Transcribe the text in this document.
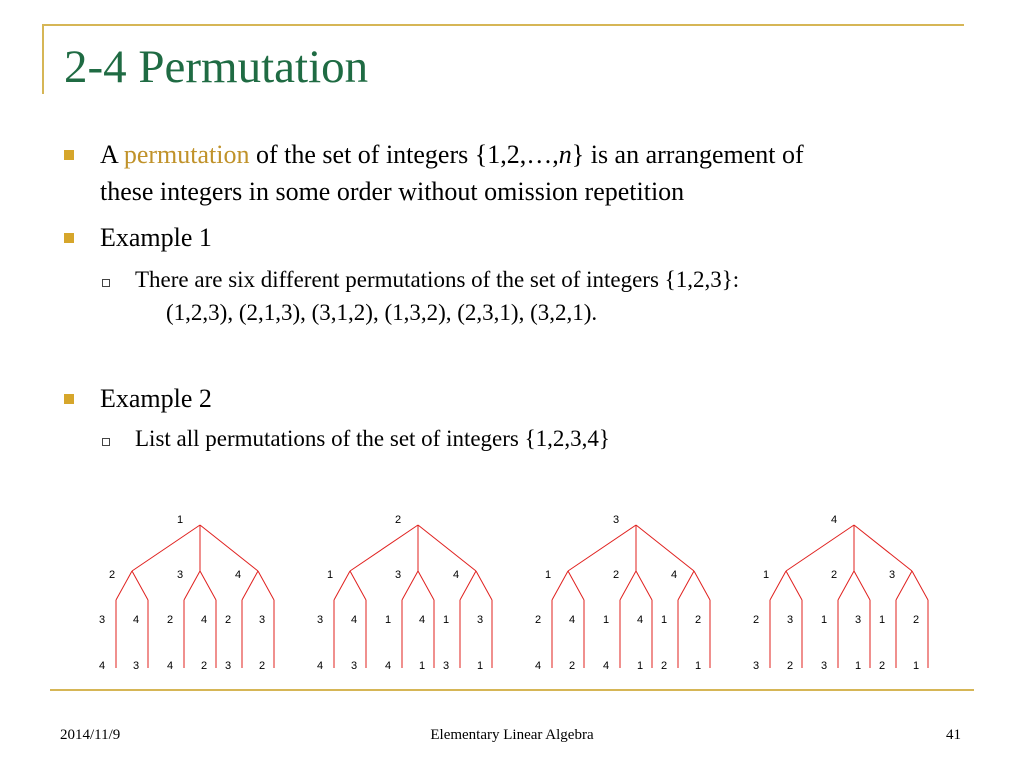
2-4 Permutation
A permutation of the set of integers {1,2,…,n} is an arrangement of
these integers in some order without omission repetition
Example 1
There are six different permutations of the set of integers {1,2,3}:
(1,2,3), (2,1,3), (3,1,2), (1,3,2), (2,3,1), (3,2,1).
Example 2
List all permutations of the set of integers {1,2,3,4}
1
2
3
4
4
3
3
2
4
4
2
4
2
3
3
2
2
1
3
4
4
3
3
1
4
4
1
4
1
3
3
1
3
1
2
4
4
2
2
1
4
4
1
4
1
2
2
1
4
1
2
3
3
2
2
1
3
3
1
3
1
2
2
1
2014/11/9	Elementary Linear Algebra	41
